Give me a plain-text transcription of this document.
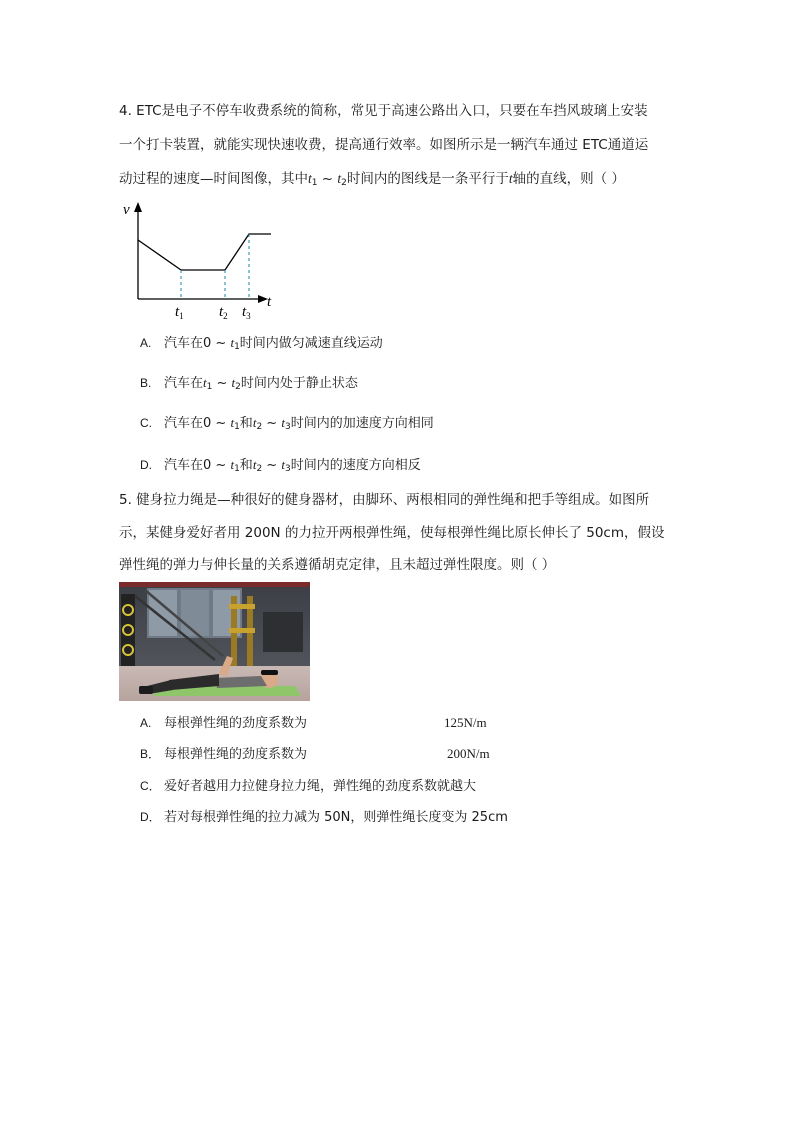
4. ETC是电子不停车收费系统的简称，常见于高速公路出入口，只要在车挡风玻璃上安装
一个打卡装置，就能实现快速收费，提高通行效率。如图所示是一辆汽车通过 ETC通道运
动过程的速度—时间图像，其中$t_1$ ~ $t_2$时间内的图线是一条平行于t轴的直线，则（ ）
v
t
$t_1$ $t_2$ $t_3$
A. 汽车在0 ~ $t_1$时间内做匀减速直线运动
B. 汽车在$t_1$ ~ $t_2$时间内处于静止状态
C. 汽车在0 ~ $t_1$和$t_2$ ~ $t_3$时间内的加速度方向相同
D. 汽车在0 ~ $t_1$和$t_2$ ~ $t_3$时间内的速度方向相反
5. 健身拉力绳是—种很好的健身器材，由脚环、两根相同的弹性绳和把手等组成。如图所
示，某健身爱好者用 200N 的力拉开两根弹性绳，使每根弹性绳比原长伸长了 50cm，假设
弹性绳的弹力与伸长量的关系遵循胡克定律，且未超过弹性限度。则（ ）
A. 每根弹性绳的劲度系数为	125N/m
B． 每根弹性绳的劲度系数为	200N/m
C． 爱好者越用力拉健身拉力绳，弹性绳的劲度系数就越大
D． 若对每根弹性绳的拉力减为 50N，则弹性绳长度变为 25cm
